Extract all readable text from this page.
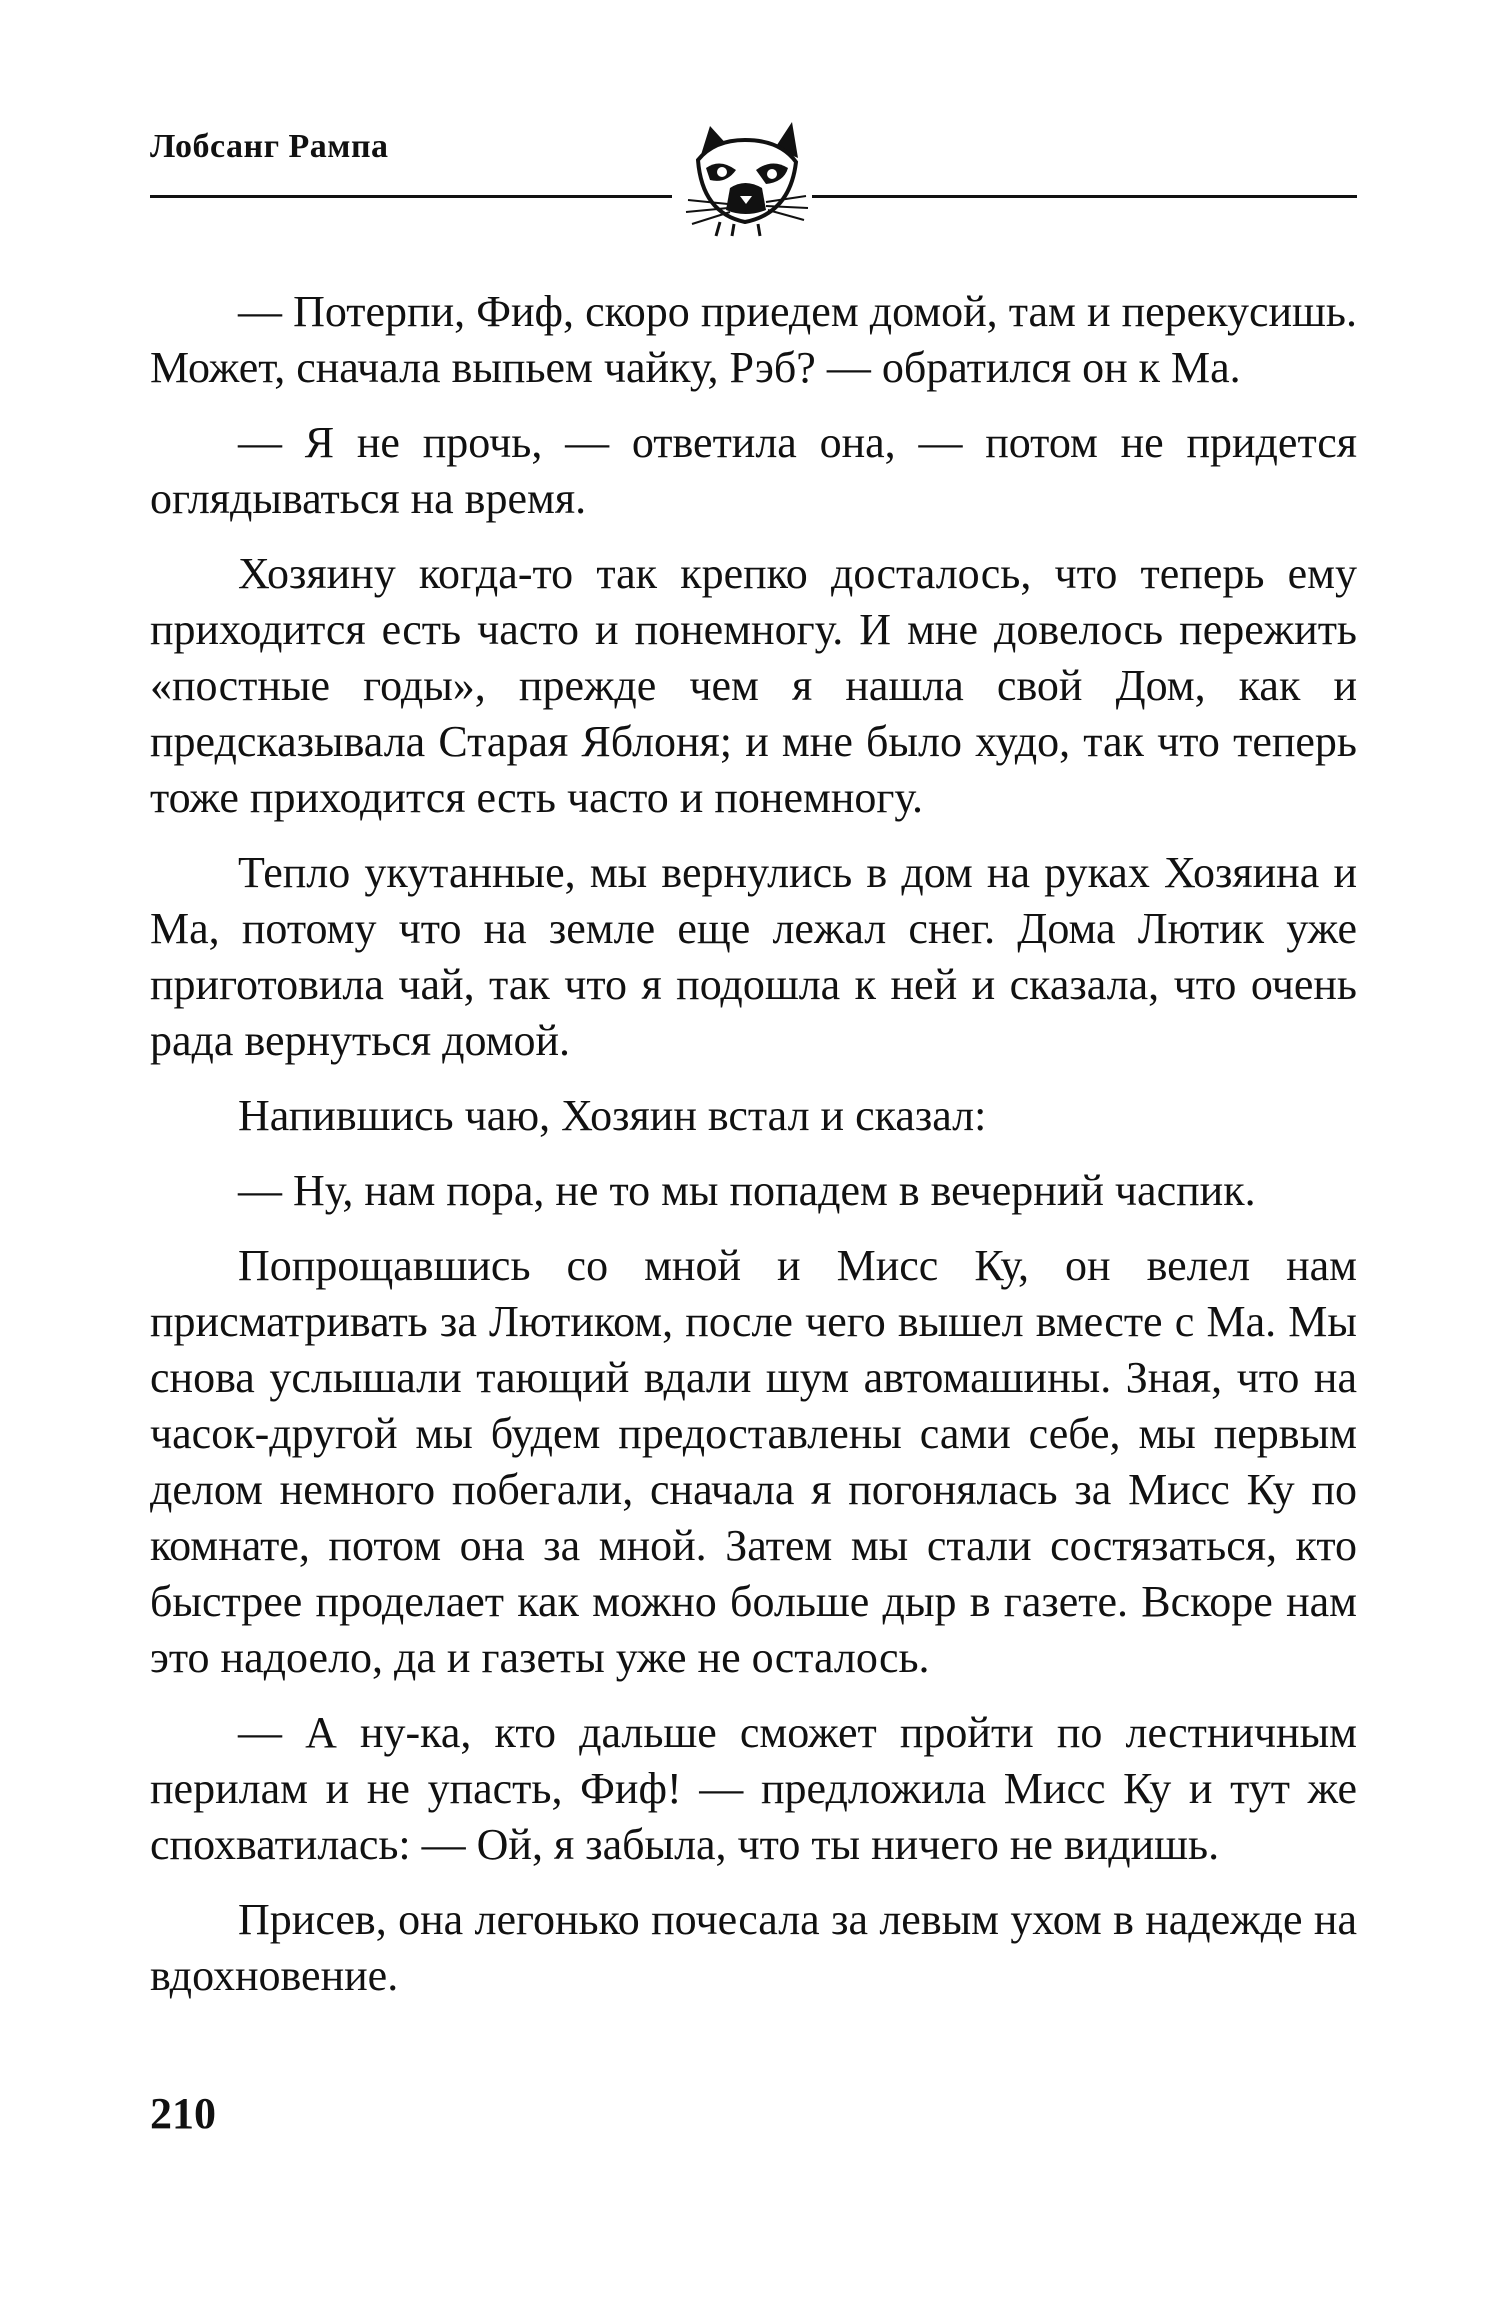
Лобсанг Рампа

— Потерпи, Фиф, скоро приедем домой, там и перекусишь. Может, сначала выпьем чайку, Рэб? — обратился он к Ма.

— Я не прочь, — ответила она, — потом не придется оглядываться на время.

Хозяину когда-то так крепко досталось, что теперь ему приходится есть часто и понемногу. И мне довелось пережить «постные годы», прежде чем я нашла свой Дом, как и предсказывала Старая Яблоня; и мне было худо, так что теперь тоже приходится есть часто и понемногу.

Тепло укутанные, мы вернулись в дом на руках Хозяина и Ма, потому что на земле еще лежал снег. Дома Лютик уже приготовила чай, так что я подошла к ней и сказала, что очень рада вернуться домой.

Напившись чаю, Хозяин встал и сказал:

— Ну, нам пора, не то мы попадем в вечерний часпик.

Попрощавшись со мной и Мисс Ку, он велел нам присматривать за Лютиком, после чего вышел вместе с Ма. Мы снова услышали тающий вдали шум автомашины. Зная, что на часок-другой мы будем предоставлены сами себе, мы первым делом немного побегали, сначала я погонялась за Мисс Ку по комнате, потом она за мной. Затем мы стали состязаться, кто быстрее проделает как можно больше дыр в газете. Вскоре нам это надоело, да и газеты уже не осталось.

— А ну-ка, кто дальше сможет пройти по лестничным перилам и не упасть, Фиф! — предложила Мисс Ку и тут же спохватилась: — Ой, я забыла, что ты ничего не видишь.

Присев, она легонько почесала за левым ухом в надежде на вдохновение.

210
